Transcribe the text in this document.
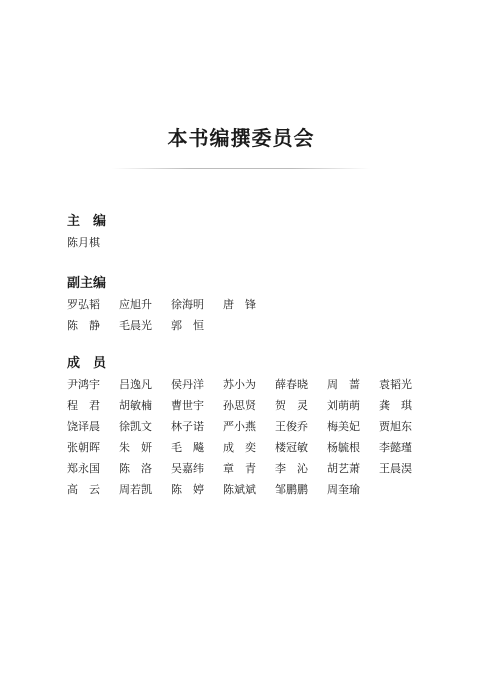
本书编撰委员会
主　编
陈月棋
副主编
罗弘韬	应旭升	徐海明	唐　锋
陈　静	毛晨光	郭　恒
成　员
尹鸿宇	吕逸凡	侯丹洋	苏小为	薛春晓	周　蔷	袁韬光
程　君	胡敏楠	曹世宇	孙思贤	贺　灵	刘萌萌	龚　琪
饶译晨	徐凯文	林子诺	严小燕	王俊乔	梅美妃	贾旭东
张朝晖	朱　妍	毛　飚	成　奕	楼冠敏	杨毓根	李懿瑾
郑永国	陈　洛	吴嘉纬	章　青	李　沁	胡艺萧	王晨淏
高　云	周若凯	陈　婷	陈斌斌	邹鹏鹏	周奎瑜
